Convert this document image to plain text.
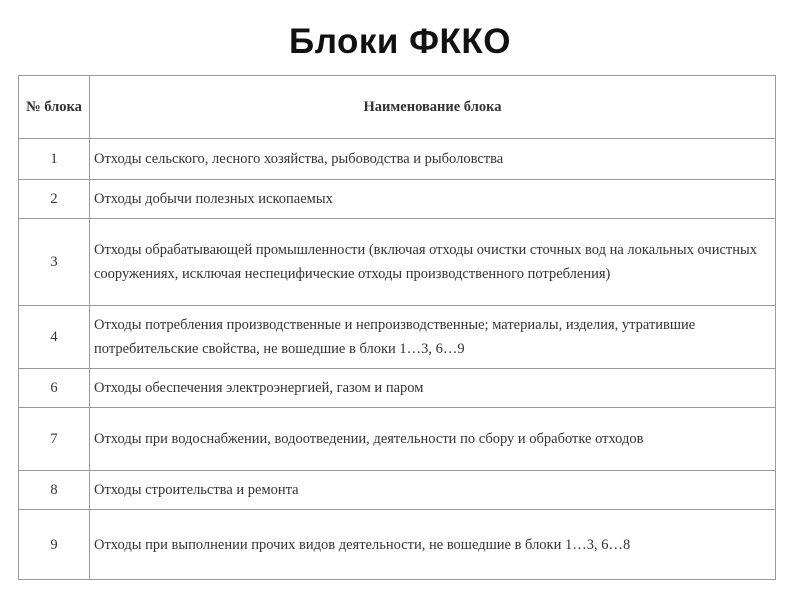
Блоки ФККО
№ блока	Наименование блока
1	Отходы сельского, лесного хозяйства, рыбоводства и рыболовства
2	Отходы добычи полезных ископаемых
3	Отходы обрабатывающей промышленности (включая отходы очистки сточных вод на локальных очистных сооружениях, исключая неспецифические отходы производственного потребления)
4	Отходы потребления производственные и непроизводственные; материалы, изделия, утратившие потребительские свойства, не вошедшие в блоки 1…3, 6…9
6	Отходы обеспечения электроэнергией, газом и паром
7	Отходы при водоснабжении, водоотведении, деятельности по сбору и обработке отходов
8	Отходы строительства и ремонта
9	Отходы при выполнении прочих видов деятельности, не вошедшие в блоки 1…3, 6…8
